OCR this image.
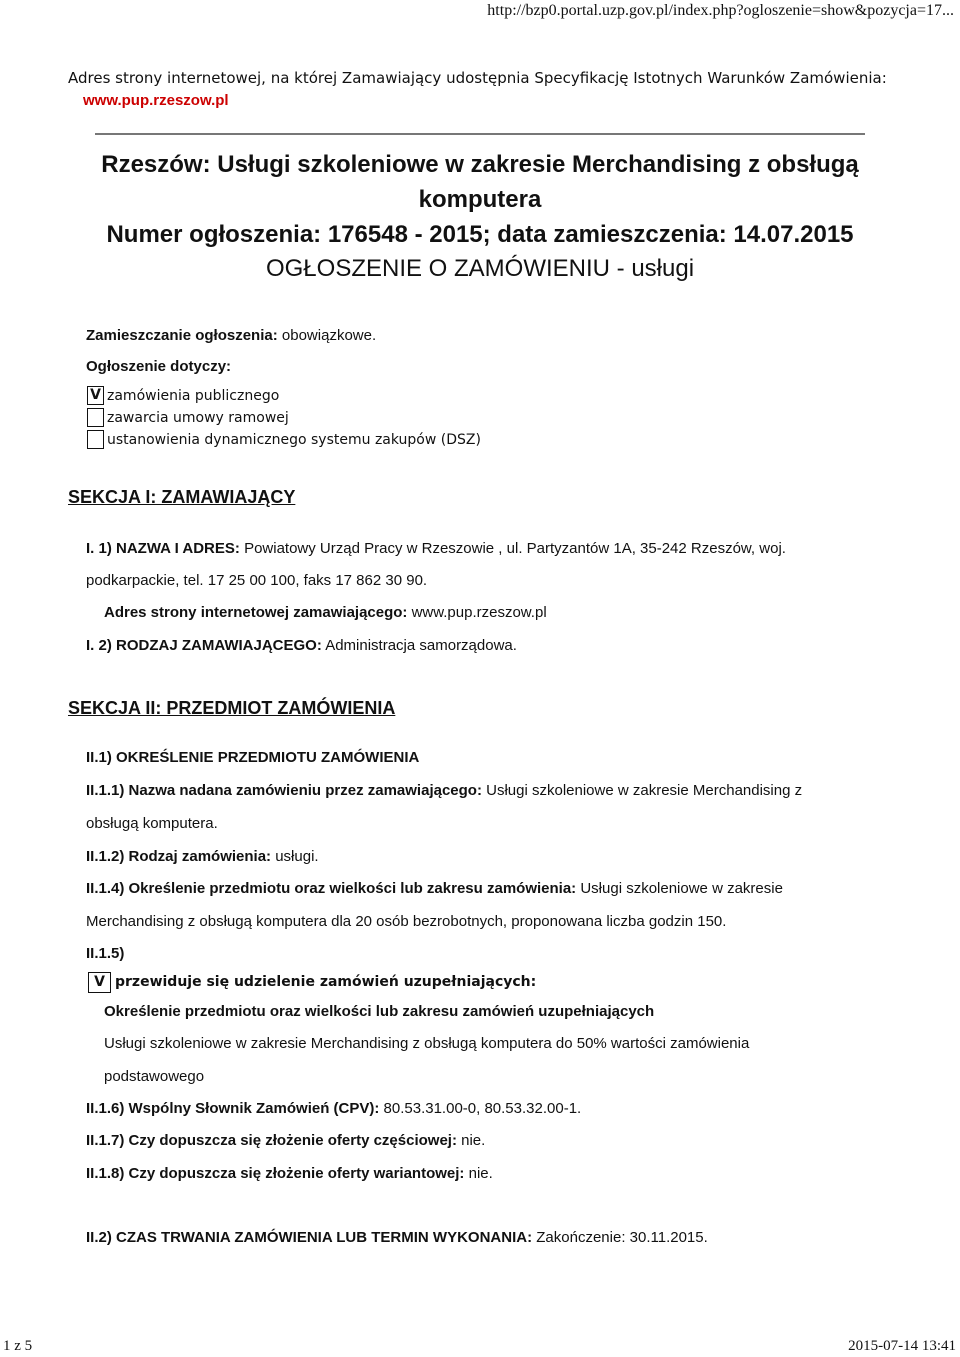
http://bzp0.portal.uzp.gov.pl/index.php?ogloszenie=show&pozycja=17...
Adres strony internetowej, na której Zamawiający udostępnia Specyfikację Istotnych Warunków Zamówienia:
www.pup.rzeszow.pl
Rzeszów: Usługi szkoleniowe w zakresie Merchandising z obsługą
komputera
Numer ogłoszenia: 176548 - 2015; data zamieszczenia: 14.07.2015
OGŁOSZENIE O ZAMÓWIENIU - usługi
Zamieszczanie ogłoszenia: obowiązkowe.
Ogłoszenie dotyczy:
V zamówienia publicznego
zawarcia umowy ramowej
ustanowienia dynamicznego systemu zakupów (DSZ)
SEKCJA I: ZAMAWIAJĄCY
I. 1) NAZWA I ADRES: Powiatowy Urząd Pracy w Rzeszowie , ul. Partyzantów 1A, 35-242 Rzeszów, woj.
podkarpackie, tel. 17 25 00 100, faks 17 862 30 90.
Adres strony internetowej zamawiającego: www.pup.rzeszow.pl
I. 2) RODZAJ ZAMAWIAJĄCEGO: Administracja samorządowa.
SEKCJA II: PRZEDMIOT ZAMÓWIENIA
II.1) OKREŚLENIE PRZEDMIOTU ZAMÓWIENIA
II.1.1) Nazwa nadana zamówieniu przez zamawiającego: Usługi szkoleniowe w zakresie Merchandising z
obsługą komputera.
II.1.2) Rodzaj zamówienia: usługi.
II.1.4) Określenie przedmiotu oraz wielkości lub zakresu zamówienia: Usługi szkoleniowe w zakresie
Merchandising z obsługą komputera dla 20 osób bezrobotnych, proponowana liczba godzin 150.
II.1.5)
V przewiduje się udzielenie zamówień uzupełniających:
Określenie przedmiotu oraz wielkości lub zakresu zamówień uzupełniających
Usługi szkoleniowe w zakresie Merchandising z obsługą komputera do 50% wartości zamówienia
podstawowego
II.1.6) Wspólny Słownik Zamówień (CPV): 80.53.31.00-0, 80.53.32.00-1.
II.1.7) Czy dopuszcza się złożenie oferty częściowej: nie.
II.1.8) Czy dopuszcza się złożenie oferty wariantowej: nie.
II.2) CZAS TRWANIA ZAMÓWIENIA LUB TERMIN WYKONANIA: Zakończenie: 30.11.2015.
1 z 5	2015-07-14 13:41
